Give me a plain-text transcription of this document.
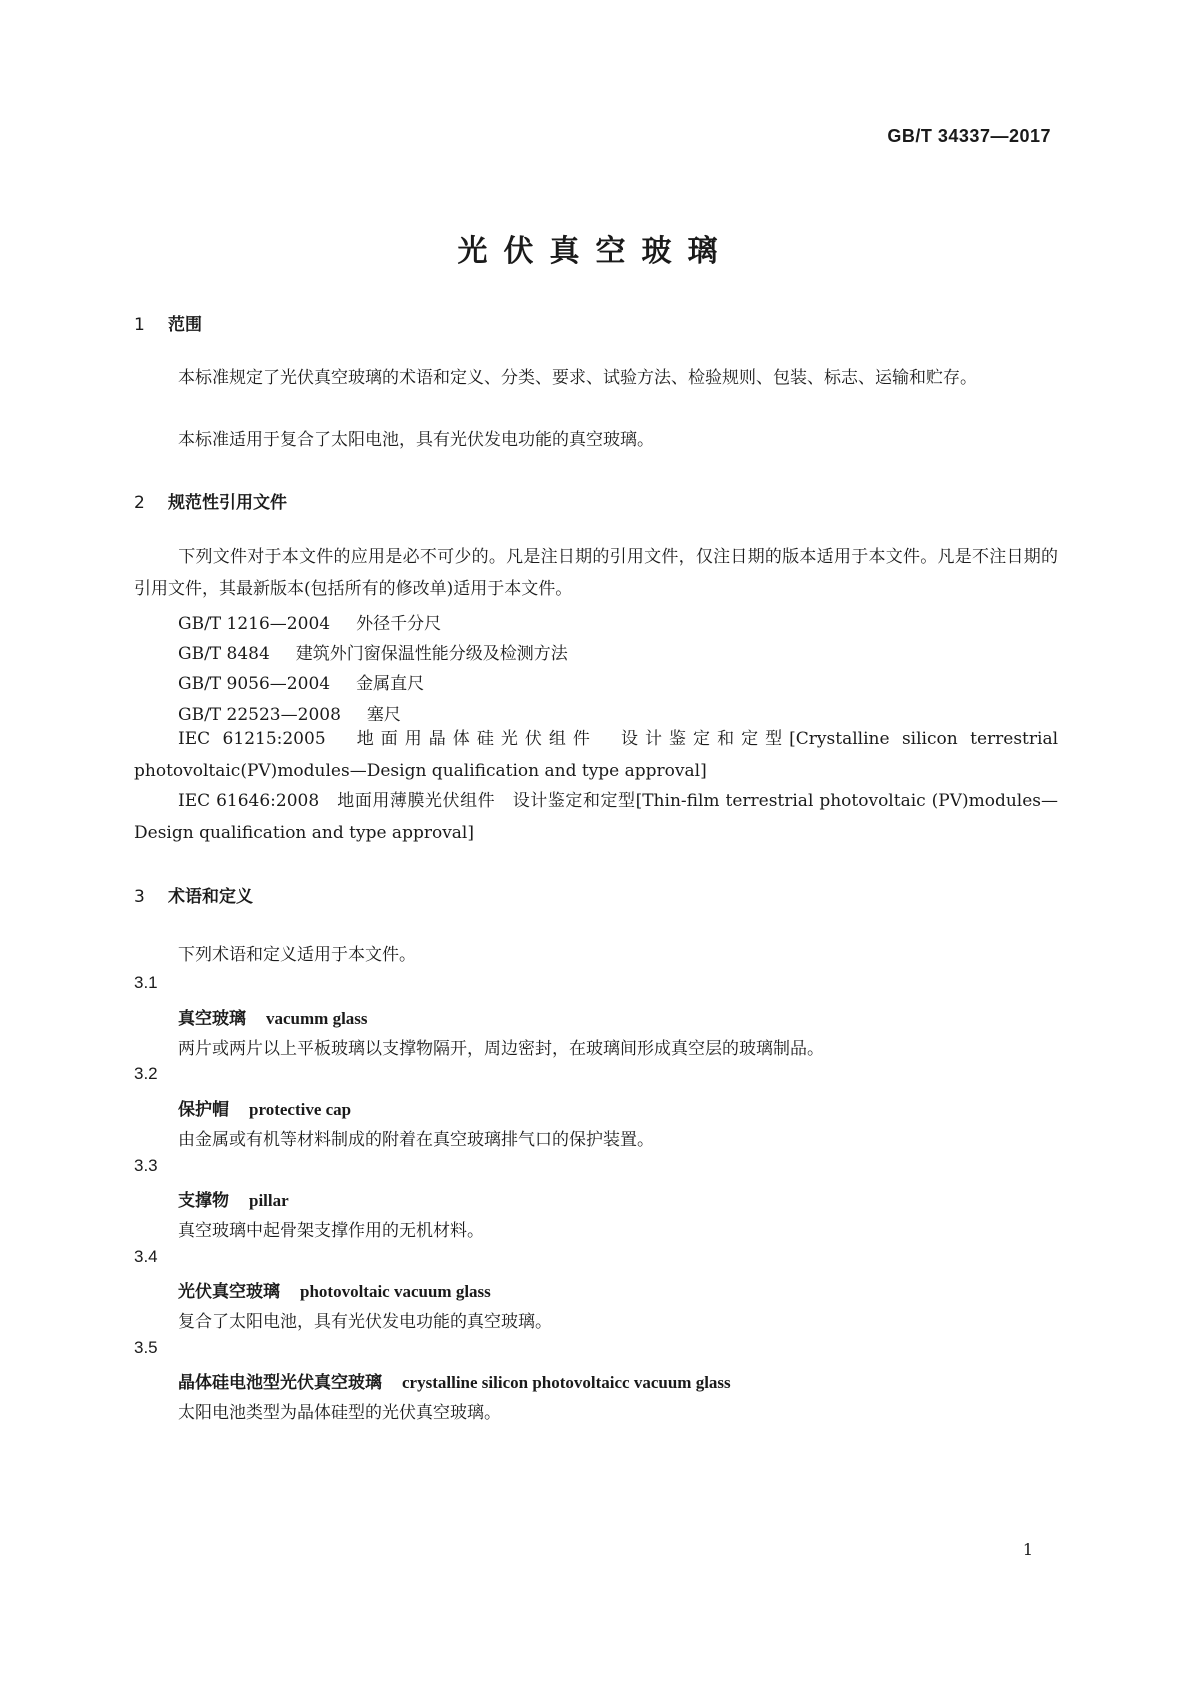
GB/T 34337—2017
光伏真空玻璃
1 范围
本标准规定了光伏真空玻璃的术语和定义、分类、要求、试验方法、检验规则、包装、标志、运输和贮存。
本标准适用于复合了太阳电池，具有光伏发电功能的真空玻璃。
2 规范性引用文件
下列文件对于本文件的应用是必不可少的。凡是注日期的引用文件，仅注日期的版本适用于本文件。凡是不注日期的引用文件，其最新版本(包括所有的修改单)适用于本文件。
GB/T 1216—2004 外径千分尺
GB/T 8484 建筑外门窗保温性能分级及检测方法
GB/T 9056—2004 金属直尺
GB/T 22523—2008 塞尺
IEC 61215:2005　 地面用晶体硅光伏组件　设计鉴定和定型[Crystalline silicon terrestrial photovoltaic(PV)modules—Design qualification and type approval]
IEC 61646:2008　 地面用薄膜光伏组件　设计鉴定和定型[Thin-film terrestrial photovoltaic (PV)modules—Design qualification and type approval]
3 术语和定义
下列术语和定义适用于本文件。
3.1
真空玻璃 vacumm glass
两片或两片以上平板玻璃以支撑物隔开，周边密封，在玻璃间形成真空层的玻璃制品。
3.2
保护帽 protective cap
由金属或有机等材料制成的附着在真空玻璃排气口的保护装置。
3.3
支撑物 pillar
真空玻璃中起骨架支撑作用的无机材料。
3.4
光伏真空玻璃 photovoltaic vacuum glass
复合了太阳电池，具有光伏发电功能的真空玻璃。
3.5
晶体硅电池型光伏真空玻璃 crystalline silicon photovoltaicc vacuum glass
太阳电池类型为晶体硅型的光伏真空玻璃。
1
